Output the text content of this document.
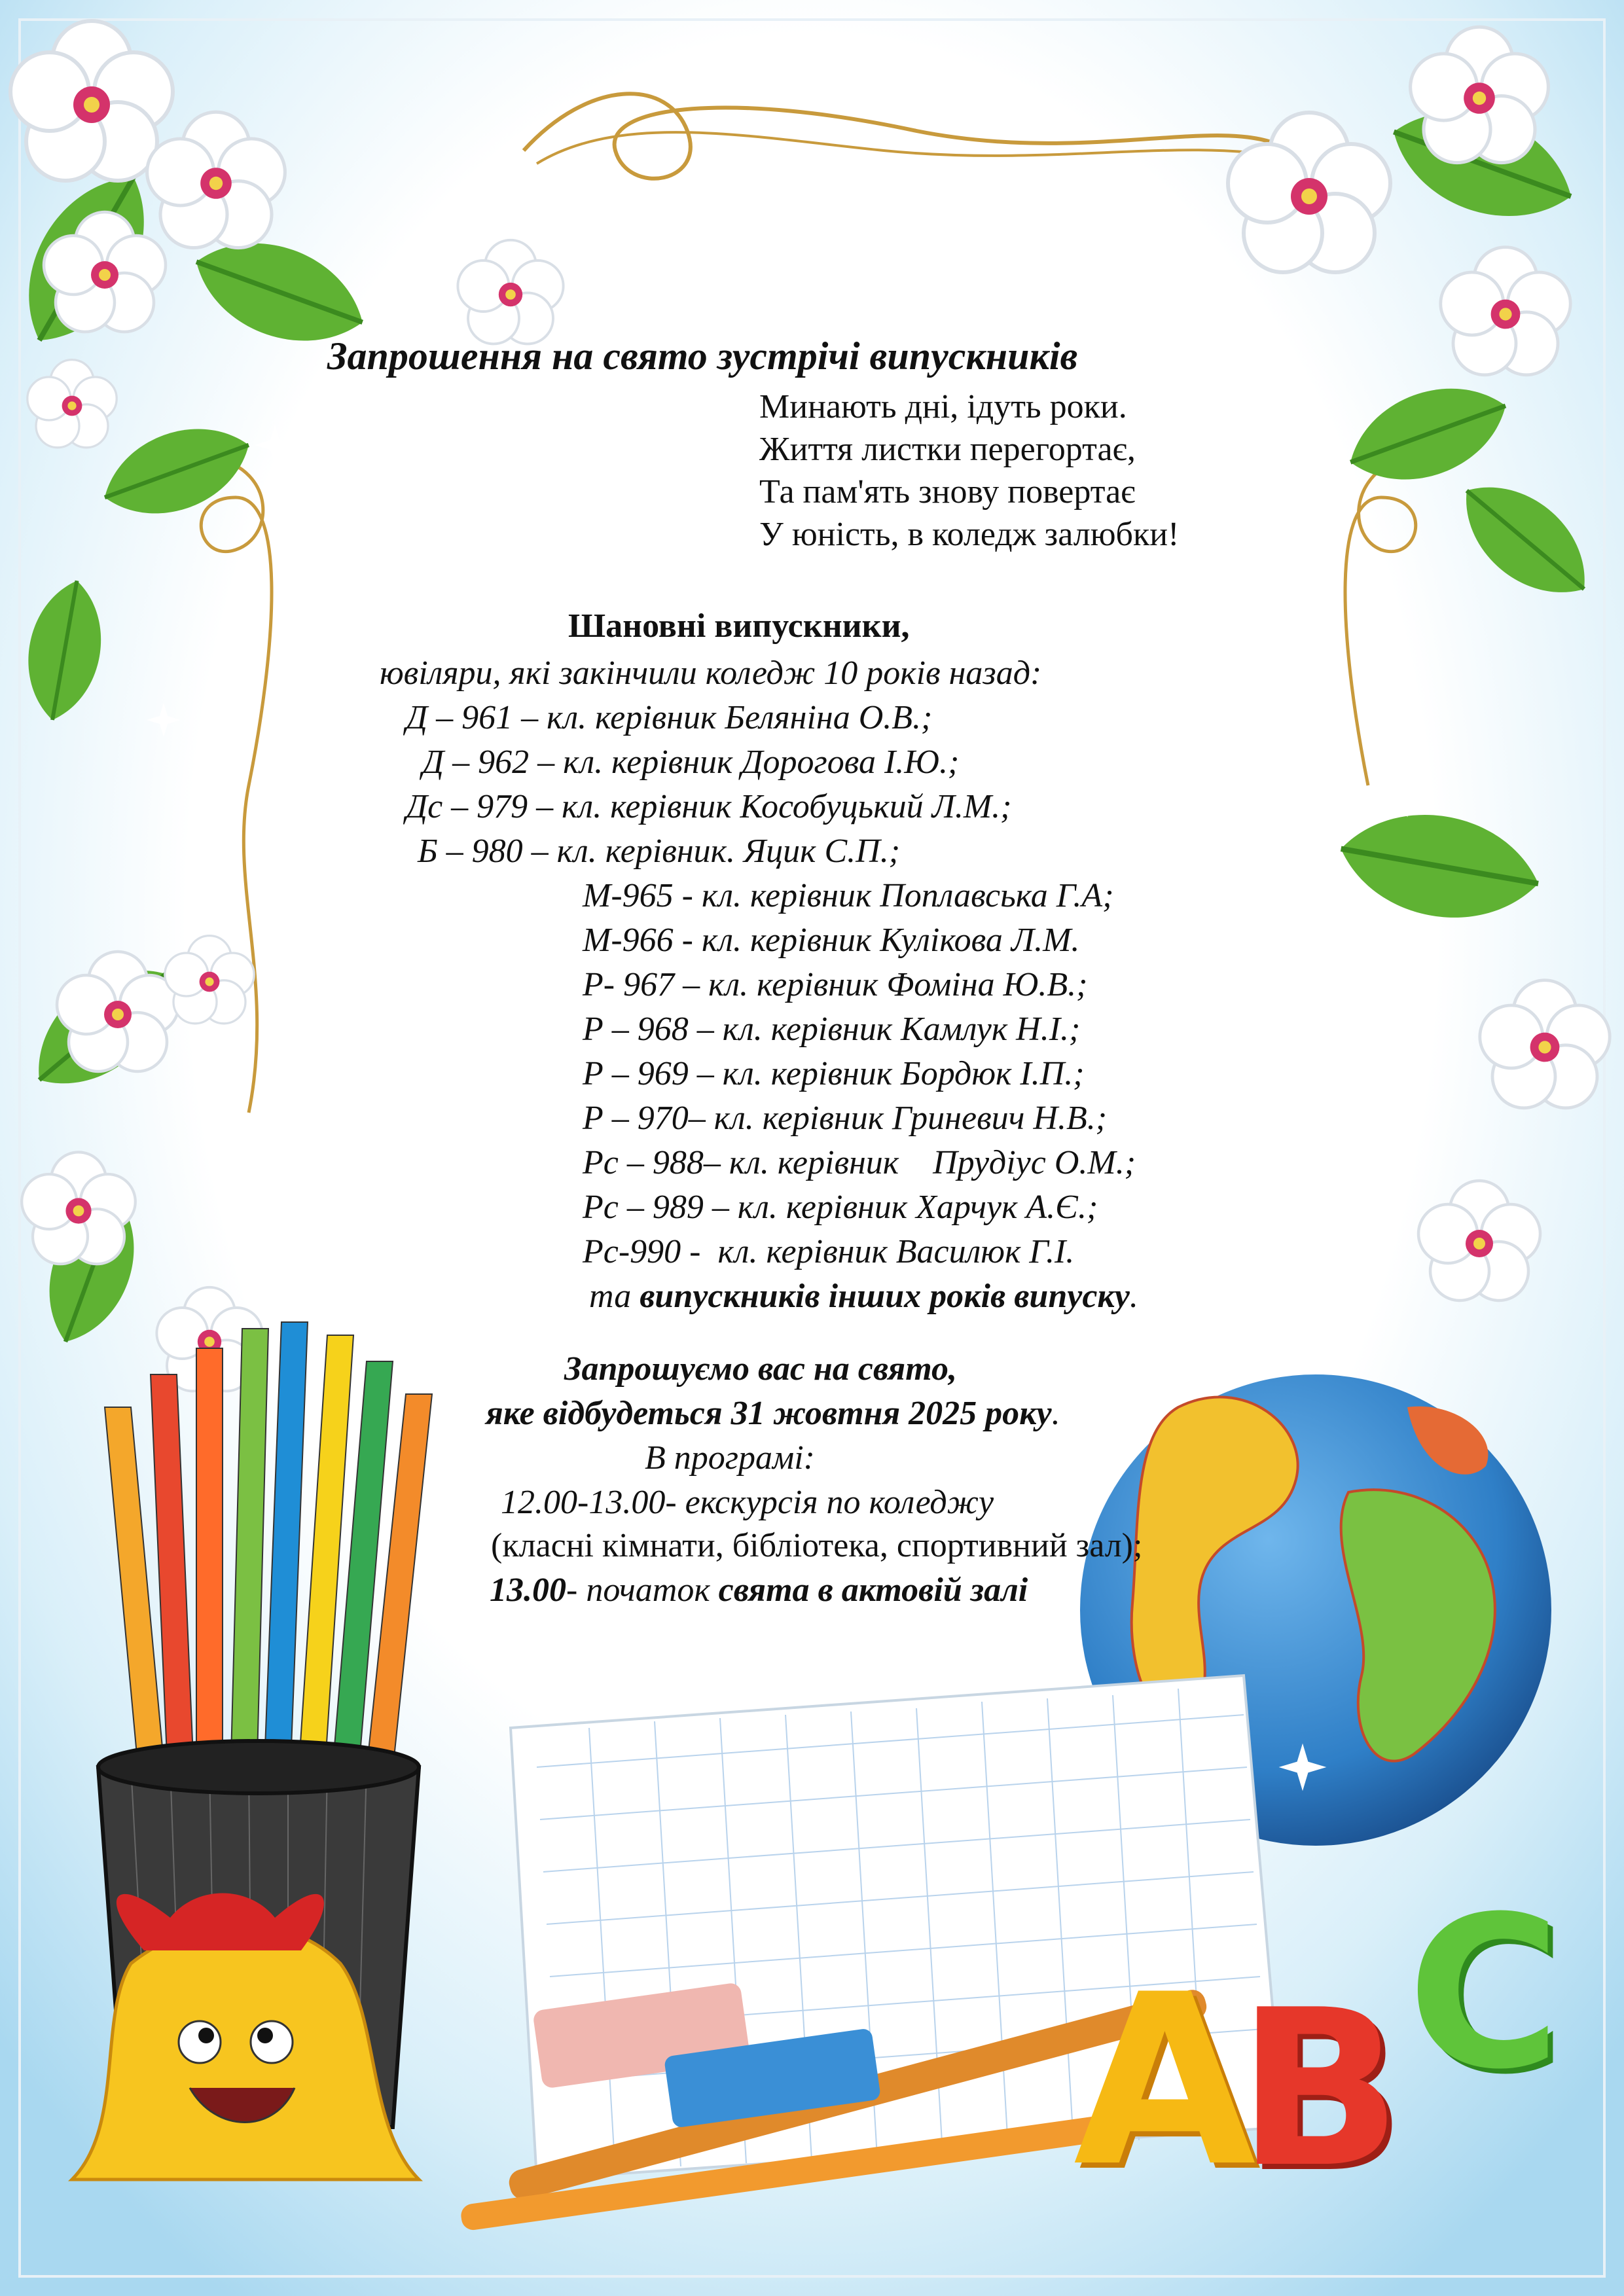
A
B C
Запрошення на свято зустрічі випускників
Минають дні, ідуть роки.
Життя листки перегортає,
Та пам'ять знову повертає
У юність, в коледж залюбки!
Шановні випускники,
ювіляри, які закінчили коледж 10 років назад:
Д – 961 – кл. керівник Беляніна О.В.;
Д – 962 – кл. керівник Дорогова І.Ю.;
Дс – 979 – кл. керівник Кособуцький Л.М.;
Б – 980 – кл. керівник. Яцик С.П.;
М-965 - кл. керівник Поплавська Г.А;
М-966 - кл. керівник Кулікова Л.М.
Р- 967 – кл. керівник Фоміна Ю.В.;
Р – 968 – кл. керівник Камлук Н.І.;
Р – 969 – кл. керівник Бордюк І.П.;
Р – 970– кл. керівник Гриневич Н.В.;
Рс – 988– кл. керівник    Прудіус О.М.;
Рс – 989 – кл. керівник Харчук А.Є.;
Рс-990 -  кл. керівник Василюк Г.І.
та випускників інших років випуску.
Запрошуємо вас на свято,
яке відбудеться 31 жовтня 2025 року.
В програмі:
12.00-13.00- екскурсія по коледжу
(класні кімнати, бібліотека, спортивний зал);
13.00- початок свята в актовій залі
